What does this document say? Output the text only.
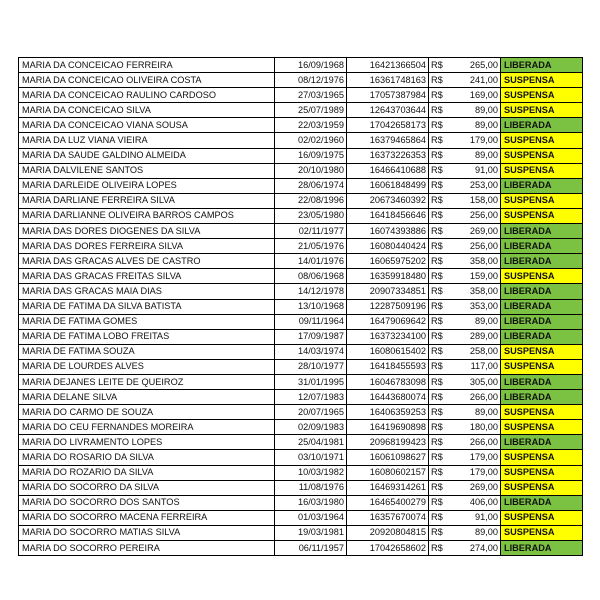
MARIA DA CONCEICAO FERREIRA	16/09/1968	16421366504	R$ 265,00	LIBERADA
MARIA DA CONCEICAO OLIVEIRA COSTA	08/12/1976	16361748163	R$ 241,00	SUSPENSA
MARIA DA CONCEICAO RAULINO CARDOSO	27/03/1965	17057387984	R$ 169,00	SUSPENSA
MARIA DA CONCEICAO SILVA	25/07/1989	12643703644	R$ 89,00	SUSPENSA
MARIA DA CONCEICAO VIANA SOUSA	22/03/1959	17042658173	R$ 89,00	LIBERADA
MARIA DA LUZ VIANA VIEIRA	02/02/1960	16379465864	R$ 179,00	SUSPENSA
MARIA DA SAUDE GALDINO ALMEIDA	16/09/1975	16373226353	R$ 89,00	SUSPENSA
MARIA DALVILENE SANTOS	20/10/1980	16466410688	R$ 91,00	SUSPENSA
MARIA DARLEIDE OLIVEIRA LOPES	28/06/1974	16061848499	R$ 253,00	LIBERADA
MARIA DARLIANE FERREIRA SILVA	22/08/1996	20673460392	R$ 158,00	SUSPENSA
MARIA DARLIANNE OLIVEIRA BARROS CAMPOS	23/05/1980	16418456646	R$ 256,00	SUSPENSA
MARIA DAS DORES DIOGENES DA SILVA	02/11/1977	16074393886	R$ 269,00	LIBERADA
MARIA DAS DORES FERREIRA SILVA	21/05/1976	16080440424	R$ 256,00	LIBERADA
MARIA DAS GRACAS ALVES DE CASTRO	14/01/1976	16065975202	R$ 358,00	LIBERADA
MARIA DAS GRACAS FREITAS SILVA	08/06/1968	16359918480	R$ 159,00	SUSPENSA
MARIA DAS GRACAS MAIA DIAS	14/12/1978	20907334851	R$ 358,00	LIBERADA
MARIA DE FATIMA DA SILVA BATISTA	13/10/1968	12287509196	R$ 353,00	LIBERADA
MARIA DE FATIMA GOMES	09/11/1964	16479069642	R$ 89,00	LIBERADA
MARIA DE FATIMA LOBO FREITAS	17/09/1987	16373234100	R$ 289,00	LIBERADA
MARIA DE FATIMA SOUZA	14/03/1974	16080615402	R$ 258,00	SUSPENSA
MARIA DE LOURDES ALVES	28/10/1977	16418455593	R$ 117,00	SUSPENSA
MARIA DEJANES LEITE DE QUEIROZ	31/01/1995	16046783098	R$ 305,00	LIBERADA
MARIA DELANE SILVA	12/07/1983	16443680074	R$ 266,00	LIBERADA
MARIA DO CARMO DE SOUZA	20/07/1965	16406359253	R$ 89,00	SUSPENSA
MARIA DO CEU FERNANDES MOREIRA	02/09/1983	16419690898	R$ 180,00	SUSPENSA
MARIA DO LIVRAMENTO LOPES	25/04/1981	20968199423	R$ 266,00	LIBERADA
MARIA DO ROSARIO DA SILVA	03/10/1971	16061098627	R$ 179,00	SUSPENSA
MARIA DO ROZARIO DA SILVA	10/03/1982	16080602157	R$ 179,00	SUSPENSA
MARIA DO SOCORRO DA SILVA	11/08/1976	16469314261	R$ 269,00	SUSPENSA
MARIA DO SOCORRO DOS SANTOS	16/03/1980	16465400279	R$ 406,00	LIBERADA
MARIA DO SOCORRO MACENA FERREIRA	01/03/1964	16357670074	R$ 91,00	SUSPENSA
MARIA DO SOCORRO MATIAS SILVA	19/03/1981	20920804815	R$ 89,00	SUSPENSA
MARIA DO SOCORRO PEREIRA	06/11/1957	17042658602	R$ 274,00	LIBERADA
